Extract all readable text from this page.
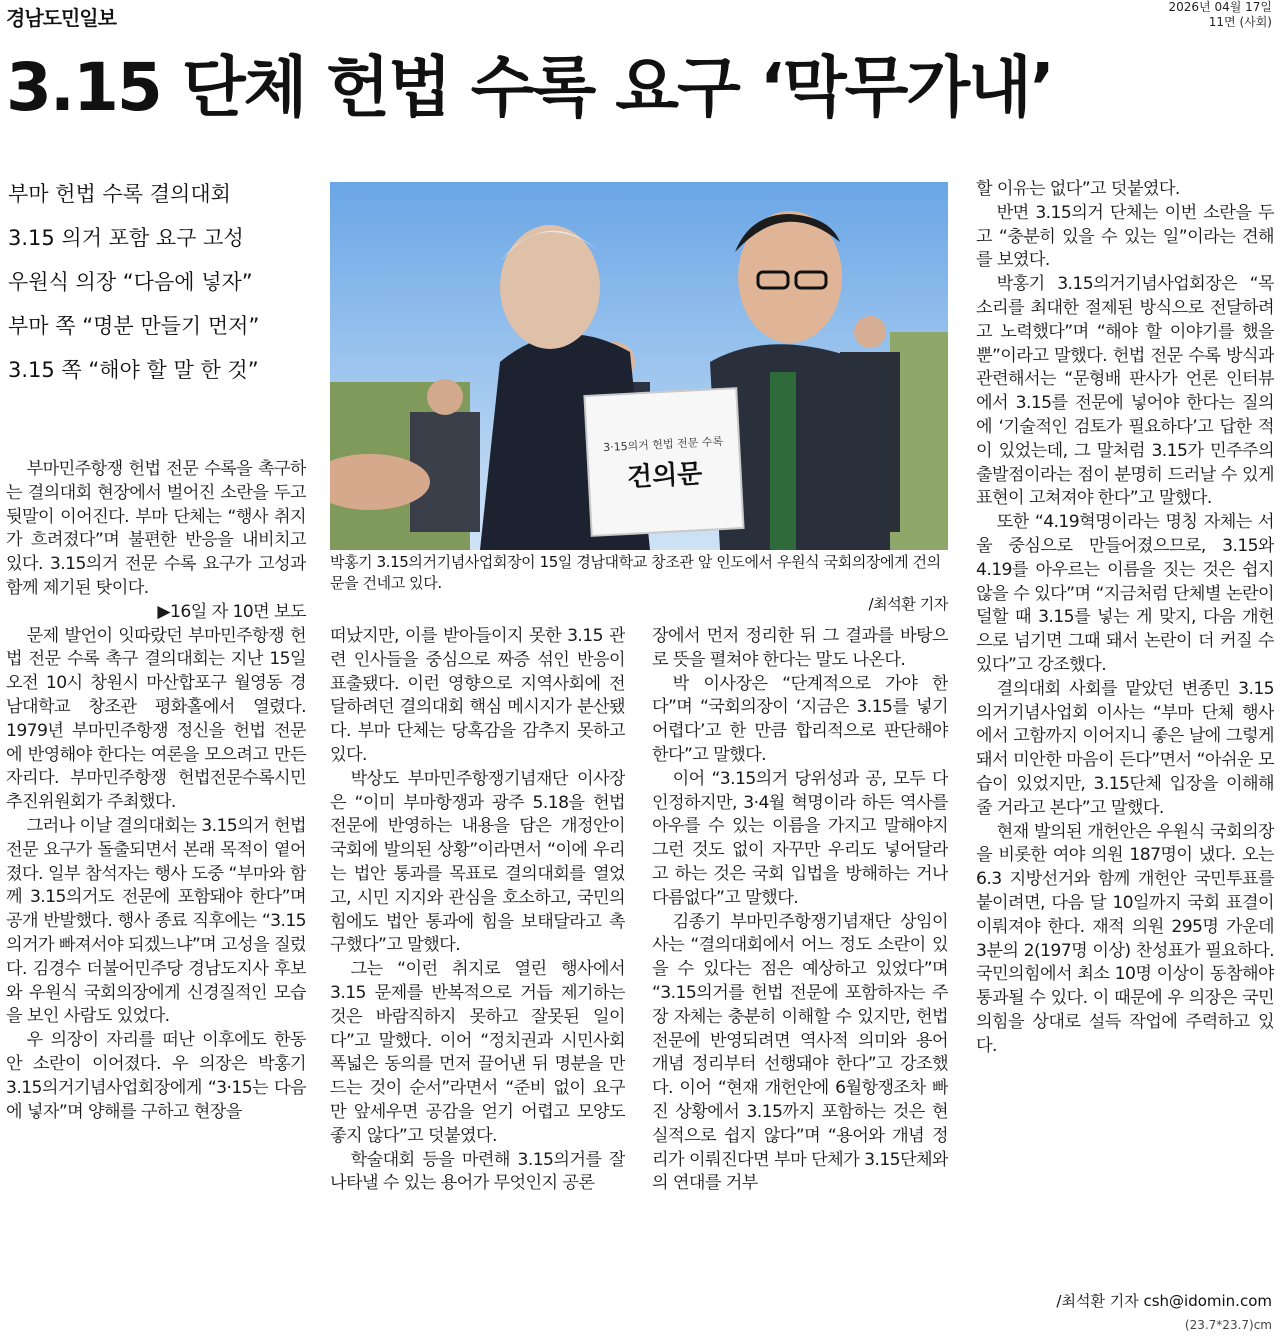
경남도민일보	2026년 04월 17일
11면 (사회)
3.15 단체 헌법 수록 요구 ‘막무가내’
부마 헌법 수록 결의대회
3.15 의거 포함 요구 고성
우원식 의장 “다음에 넣자”
부마 쪽 “명분 만들기 먼저”
3.15 쪽 “해야 할 말 한 것”
3·15의거 헌법 전문 수록
건의문
박홍기 3.15의거기념사업회장이 15일 경남대학교 창조관 앞 인도에서 우원식 국회의장에게 건의문을 건네고 있다.
/최석환 기자

부마민주항쟁 헌법 전문 수록을 촉구하는 결의대회 현장에서 벌어진 소란을 두고 뒷말이 이어진다. 부마 단체는 “행사 취지가 흐려졌다”며 불편한 반응을 내비치고 있다. 3.15의거 전문 수록 요구가 고성과 함께 제기된 탓이다.

▶16일 자 10면 보도

문제 발언이 잇따랐던 부마민주항쟁 헌법 전문 수록 촉구 결의대회는 지난 15일 오전 10시 창원시 마산합포구 월영동 경남대학교 창조관 평화홀에서 열렸다. 1979년 부마민주항쟁 정신을 헌법 전문에 반영해야 한다는 여론을 모으려고 만든 자리다. 부마민주항쟁 헌법전문수록시민추진위원회가 주최했다.

그러나 이날 결의대회는 3.15의거 헌법 전문 요구가 돌출되면서 본래 목적이 옅어졌다. 일부 참석자는 행사 도중 “부마와 함께 3.15의거도 전문에 포함돼야 한다”며 공개 반발했다. 행사 종료 직후에는 “3.15의거가 빠져서야 되겠느냐”며 고성을 질렀다. 김경수 더불어민주당 경남도지사 후보와 우원식 국회의장에게 신경질적인 모습을 보인 사람도 있었다.

우 의장이 자리를 떠난 이후에도 한동안 소란이 이어졌다. 우 의장은 박홍기 3.15의거기념사업회장에게 “3·15는 다음에 넣자”며 양해를 구하고 현장을

떠났지만, 이를 받아들이지 못한 3.15 관련 인사들을 중심으로 짜증 섞인 반응이 표출됐다. 이런 영향으로 지역사회에 전달하려던 결의대회 핵심 메시지가 분산됐다. 부마 단체는 당혹감을 감추지 못하고 있다.

박상도 부마민주항쟁기념재단 이사장은 “이미 부마항쟁과 광주 5.18을 헌법 전문에 반영하는 내용을 담은 개정안이 국회에 발의된 상황”이라면서 “이에 우리는 법안 통과를 목표로 결의대회를 열었고, 시민 지지와 관심을 호소하고, 국민의힘에도 법안 통과에 힘을 보태달라고 촉구했다”고 말했다.

그는 “이런 취지로 열린 행사에서 3.15 문제를 반복적으로 거듭 제기하는 것은 바람직하지 못하고 잘못된 일이다”고 말했다. 이어 “정치권과 시민사회 폭넓은 동의를 먼저 끌어낸 뒤 명분을 만드는 것이 순서”라면서 “준비 없이 요구만 앞세우면 공감을 얻기 어렵고 모양도 좋지 않다”고 덧붙였다.

학술대회 등을 마련해 3.15의거를 잘 나타낼 수 있는 용어가 무엇인지 공론

장에서 먼저 정리한 뒤 그 결과를 바탕으로 뜻을 펼쳐야 한다는 말도 나온다.

박 이사장은 “단계적으로 가야 한다”며 “국회의장이 ‘지금은 3.15를 넣기 어렵다’고 한 만큼 합리적으로 판단해야 한다”고 말했다.

이어 “3.15의거 당위성과 공, 모두 다 인정하지만, 3·4월 혁명이라 하든 역사를 아우를 수 있는 이름을 가지고 말해야지 그런 것도 없이 자꾸만 우리도 넣어달라고 하는 것은 국회 입법을 방해하는 거나 다름없다”고 말했다.

김종기 부마민주항쟁기념재단 상임이사는 “결의대회에서 어느 정도 소란이 있을 수 있다는 점은 예상하고 있었다”며 “3.15의거를 헌법 전문에 포함하자는 주장 자체는 충분히 이해할 수 있지만, 헌법 전문에 반영되려면 역사적 의미와 용어 개념 정리부터 선행돼야 한다”고 강조했다. 이어 “현재 개헌안에 6월항쟁조차 빠진 상황에서 3.15까지 포함하는 것은 현실적으로 쉽지 않다”며 “용어와 개념 정리가 이뤄진다면 부마 단체가 3.15단체와의 연대를 거부

할 이유는 없다”고 덧붙였다.

반면 3.15의거 단체는 이번 소란을 두고 “충분히 있을 수 있는 일”이라는 견해를 보였다.

박홍기 3.15의거기념사업회장은 “목소리를 최대한 절제된 방식으로 전달하려고 노력했다”며 “해야 할 이야기를 했을 뿐”이라고 말했다. 헌법 전문 수록 방식과 관련해서는 “문형배 판사가 언론 인터뷰에서 3.15를 전문에 넣어야 한다는 질의에 ‘기술적인 검토가 필요하다’고 답한 적이 있었는데, 그 말처럼 3.15가 민주주의 출발점이라는 점이 분명히 드러날 수 있게 표현이 고쳐져야 한다”고 말했다.

또한 “4.19혁명이라는 명칭 자체는 서울 중심으로 만들어졌으므로, 3.15와 4.19를 아우르는 이름을 짓는 것은 쉽지 않을 수 있다”며 “지금처럼 단체별 논란이 덜할 때 3.15를 넣는 게 맞지, 다음 개헌으로 넘기면 그때 돼서 논란이 더 커질 수 있다”고 강조했다.

결의대회 사회를 맡았던 변종민 3.15의거기념사업회 이사는 “부마 단체 행사에서 고함까지 이어지니 좋은 날에 그렇게 돼서 미안한 마음이 든다”면서 “아쉬운 모습이 있었지만, 3.15단체 입장을 이해해줄 거라고 본다”고 말했다.

현재 발의된 개헌안은 우원식 국회의장을 비롯한 여야 의원 187명이 냈다. 오는 6.3 지방선거와 함께 개헌안 국민투표를 붙이려면, 다음 달 10일까지 국회 표결이 이뤄져야 한다. 재적 의원 295명 가운데 3분의 2(197명 이상) 찬성표가 필요하다. 국민의힘에서 최소 10명 이상이 동참해야 통과될 수 있다. 이 때문에 우 의장은 국민의힘을 상대로 설득 작업에 주력하고 있다.

/최석환 기자 csh@idomin.com
(23.7*23.7)cm
